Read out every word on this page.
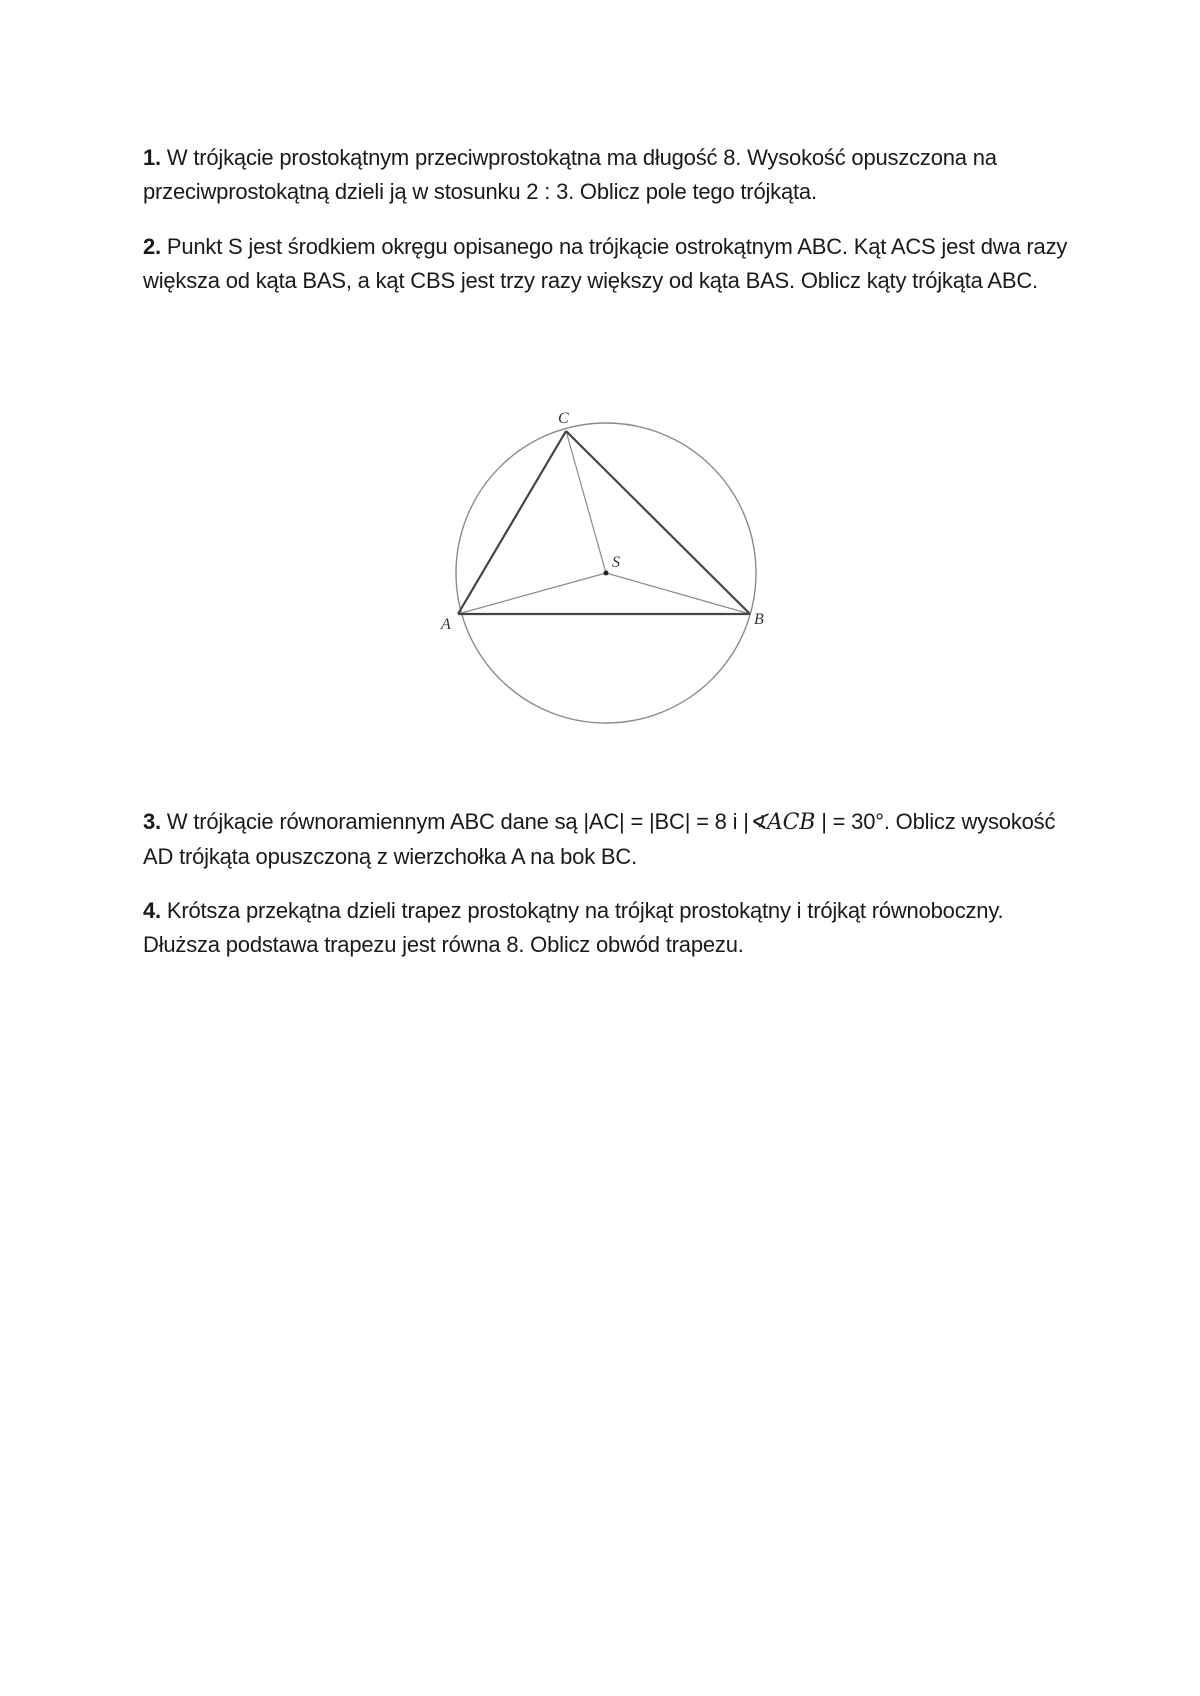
1. W trójkącie prostokątnym przeciwprostokątna ma długość 8. Wysokość opuszczona na przeciwprostokątną dzieli ją w stosunku 2 : 3. Oblicz pole tego trójkąta.
2. Punkt S jest środkiem okręgu opisanego na trójkącie ostrokątnym ABC. Kąt ACS jest dwa razy większa od kąta BAS, a kąt CBS jest trzy razy większy od kąta BAS. Oblicz kąty trójkąta ABC.
C
S
A	B
3. W trójkącie równoramiennym ABC dane są |AC| = |BC| = 8 i |∢ACB | = 30°. Oblicz wysokość AD trójkąta opuszczoną z wierzchołka A na bok BC.
4. Krótsza przekątna dzieli trapez prostokątny na trójkąt prostokątny i trójkąt równoboczny. Dłuższa podstawa trapezu jest równa 8. Oblicz obwód trapezu.
